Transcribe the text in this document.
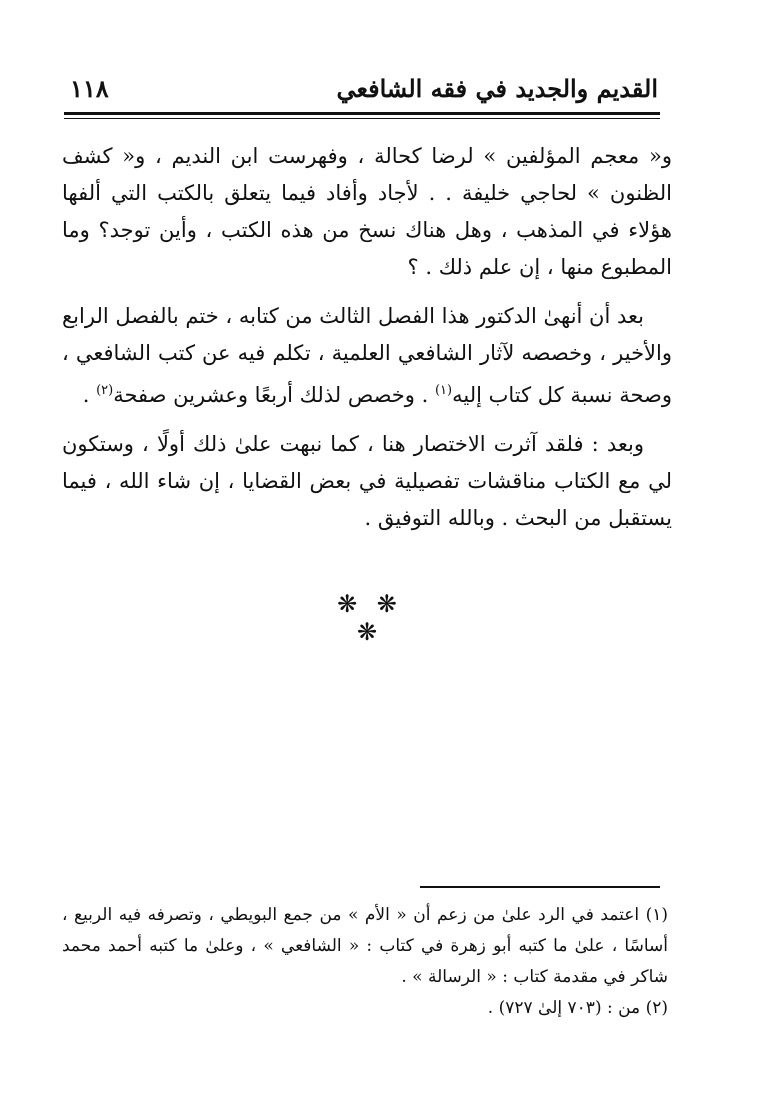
القديم والجديد في فقه الشافعي
١١٨

و« معجم المؤلفين » لرضا كحالة ، وفهرست ابن النديم ، و« كشف الظنون » لحاجي خليفة . . لأجاد وأفاد فيما يتعلق بالكتب التي ألفها هؤلاء في المذهب ، وهل هناك نسخ من هذه الكتب ، وأين توجد؟ وما المطبوع منها ، إن علم ذلك . ؟

بعد أن أنهىٰ الدكتور هذا الفصل الثالث من كتابه ، ختم بالفصل الرابع والأخير ، وخصصه لآثار الشافعي العلمية ، تكلم فيه عن كتب الشافعي ، وصحة نسبة كل كتاب إليه$^{(١)}$ . وخصص لذلك أربعًا وعشرين صفحة$^{(٢)}$ .

وبعد : فلقد آثرت الاختصار هنا ، كما نبهت علىٰ ذلك أولًا ، وستكون لي مع الكتاب مناقشات تفصيلية في بعض القضايا ، إن شاء الله ، فيما يستقبل من البحث . وبالله التوفيق .

❋ ❋ ❋

(١) اعتمد في الرد علىٰ من زعم أن « الأم » من جمع البويطي ، وتصرفه فيه الربيع ، أساسًا ، علىٰ ما كتبه أبو زهرة في كتاب : « الشافعي » ، وعلىٰ ما كتبه أحمد محمد شاكر في مقدمة كتاب : « الرسالة » .

(٢) من : (٧٠٣ إلىٰ ٧٢٧) .
